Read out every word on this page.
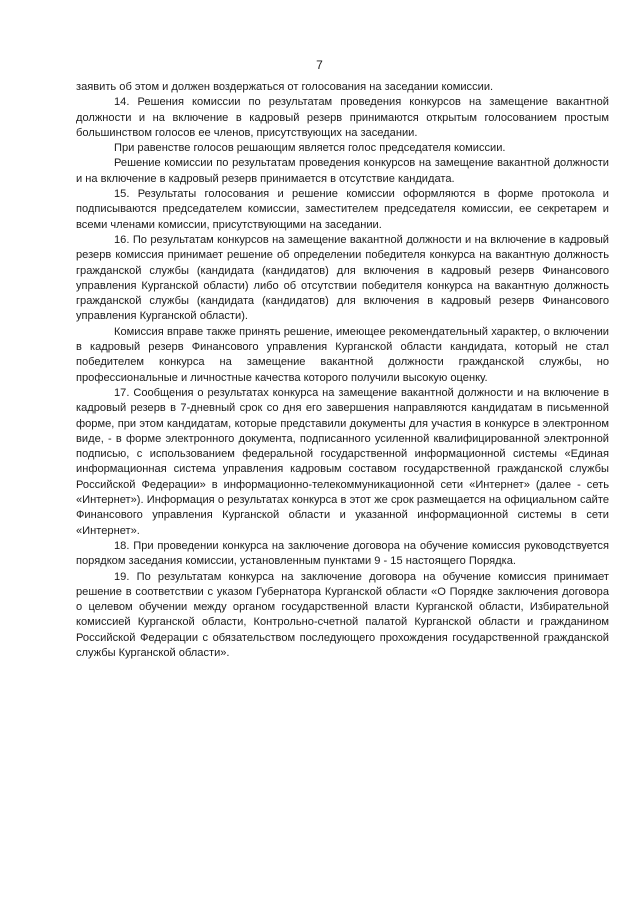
7

заявить об этом и должен воздержаться от голосования на заседании комиссии.

14. Решения комиссии по результатам проведения конкурсов на замещение вакантной должности и на включение в кадровый резерв принимаются открытым голосованием простым большинством голосов ее членов, присутствующих на заседании.

При равенстве голосов решающим является голос председателя комиссии.

Решение комиссии по результатам проведения конкурсов на замещение вакантной должности и на включение в кадровый резерв принимается в отсутствие кандидата.

15. Результаты голосования и решение комиссии оформляются в форме протокола и подписываются председателем комиссии, заместителем председателя комиссии, ее секретарем и всеми членами комиссии, присутствующими на заседании.

16. По результатам конкурсов на замещение вакантной должности и на включение в кадровый резерв комиссия принимает решение об определении победителя конкурса на вакантную должность гражданской службы (кандидата (кандидатов) для включения в кадровый резерв Финансового управления Курганской области) либо об отсутствии победителя конкурса на вакантную должность гражданской службы (кандидата (кандидатов) для включения в кадровый резерв Финансового управления Курганской области).

Комиссия вправе также принять решение, имеющее рекомендательный характер, о включении в кадровый резерв Финансового управления Курганской области кандидата, который не стал победителем конкурса на замещение вакантной должности гражданской службы, но профессиональные и личностные качества которого получили высокую оценку.

17. Сообщения о результатах конкурса на замещение вакантной должности и на включение в кадровый резерв в 7-дневный срок со дня его завершения направляются кандидатам в письменной форме, при этом кандидатам, которые представили документы для участия в конкурсе в электронном виде, - в форме электронного документа, подписанного усиленной квалифицированной электронной подписью, с использованием федеральной государственной информационной системы «Единая информационная система управления кадровым составом государственной гражданской службы Российской Федерации» в информационно-телекоммуникационной сети «Интернет» (далее - сеть «Интернет»). Информация о результатах конкурса в этот же срок размещается на официальном сайте Финансового управления Курганской области и указанной информационной системы в сети «Интернет».

18. При проведении конкурса на заключение договора на обучение комиссия руководствуется порядком заседания комиссии, установленным пунктами 9 - 15 настоящего Порядка.

19. По результатам конкурса на заключение договора на обучение комиссия принимает решение в соответствии с указом Губернатора Курганской области «О Порядке заключения договора о целевом обучении между органом государственной власти Курганской области, Избирательной комиссией Курганской области, Контрольно-счетной палатой Курганской области и гражданином Российской Федерации с обязательством последующего прохождения государственной гражданской службы Курганской области».
